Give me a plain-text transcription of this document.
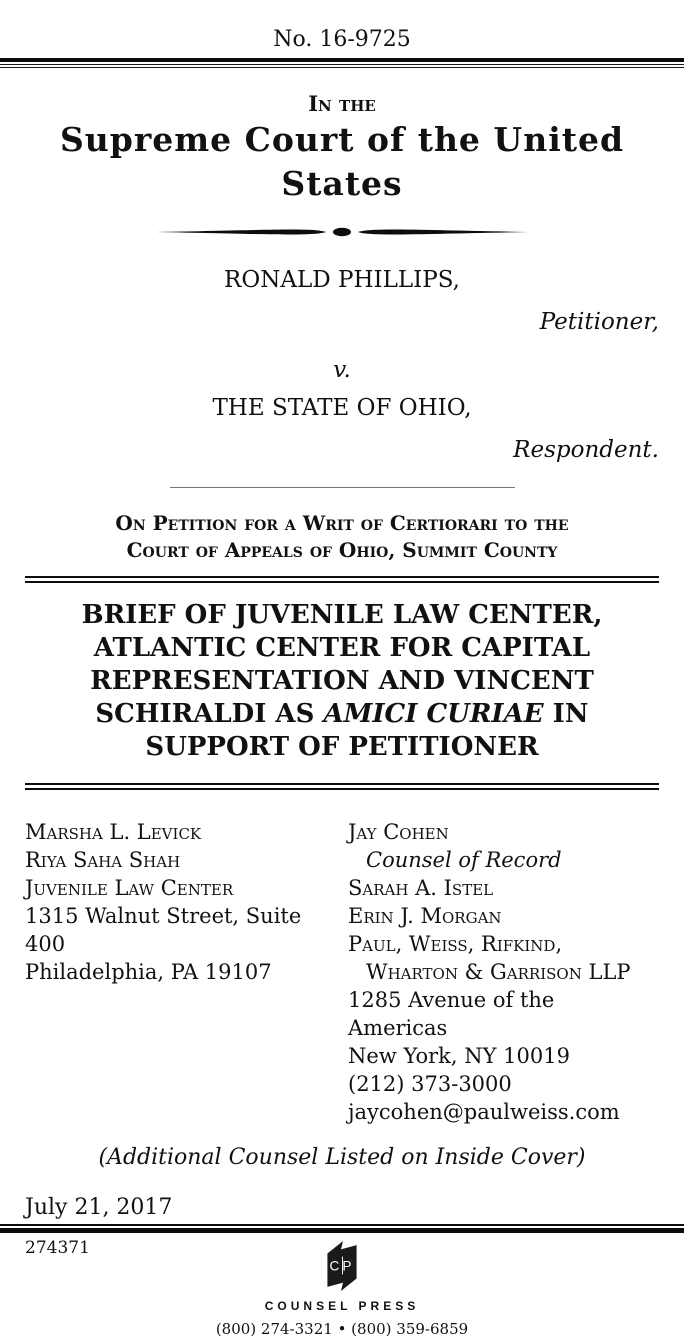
No. 16-9725
In the
Supreme Court of the United States
RONALD PHILLIPS,
Petitioner,
v.
THE STATE OF OHIO,
Respondent.
On Petition for a Writ of Certiorari to the
Court of Appeals of Ohio, Summit County
BRIEF OF JUVENILE LAW CENTER,
ATLANTIC CENTER FOR CAPITAL
REPRESENTATION AND VINCENT
SCHIRALDI AS AMICI CURIAE IN
SUPPORT OF PETITIONER
Marsha L. Levick
Riya Saha Shah
Juvenile Law Center
1315 Walnut Street, Suite 400
Philadelphia, PA 19107
Jay Cohen
Counsel of Record
Sarah A. Istel
Erin J. Morgan
Paul, Weiss, Rifkind,
Wharton & Garrison LLP
1285 Avenue of the Americas
New York, NY 10019
(212) 373-3000
jaycohen@paulweiss.com
(Additional Counsel Listed on Inside Cover)
July 21, 2017
274371
CP
COUNSEL PRESS
(800) 274-3321 • (800) 359-6859
